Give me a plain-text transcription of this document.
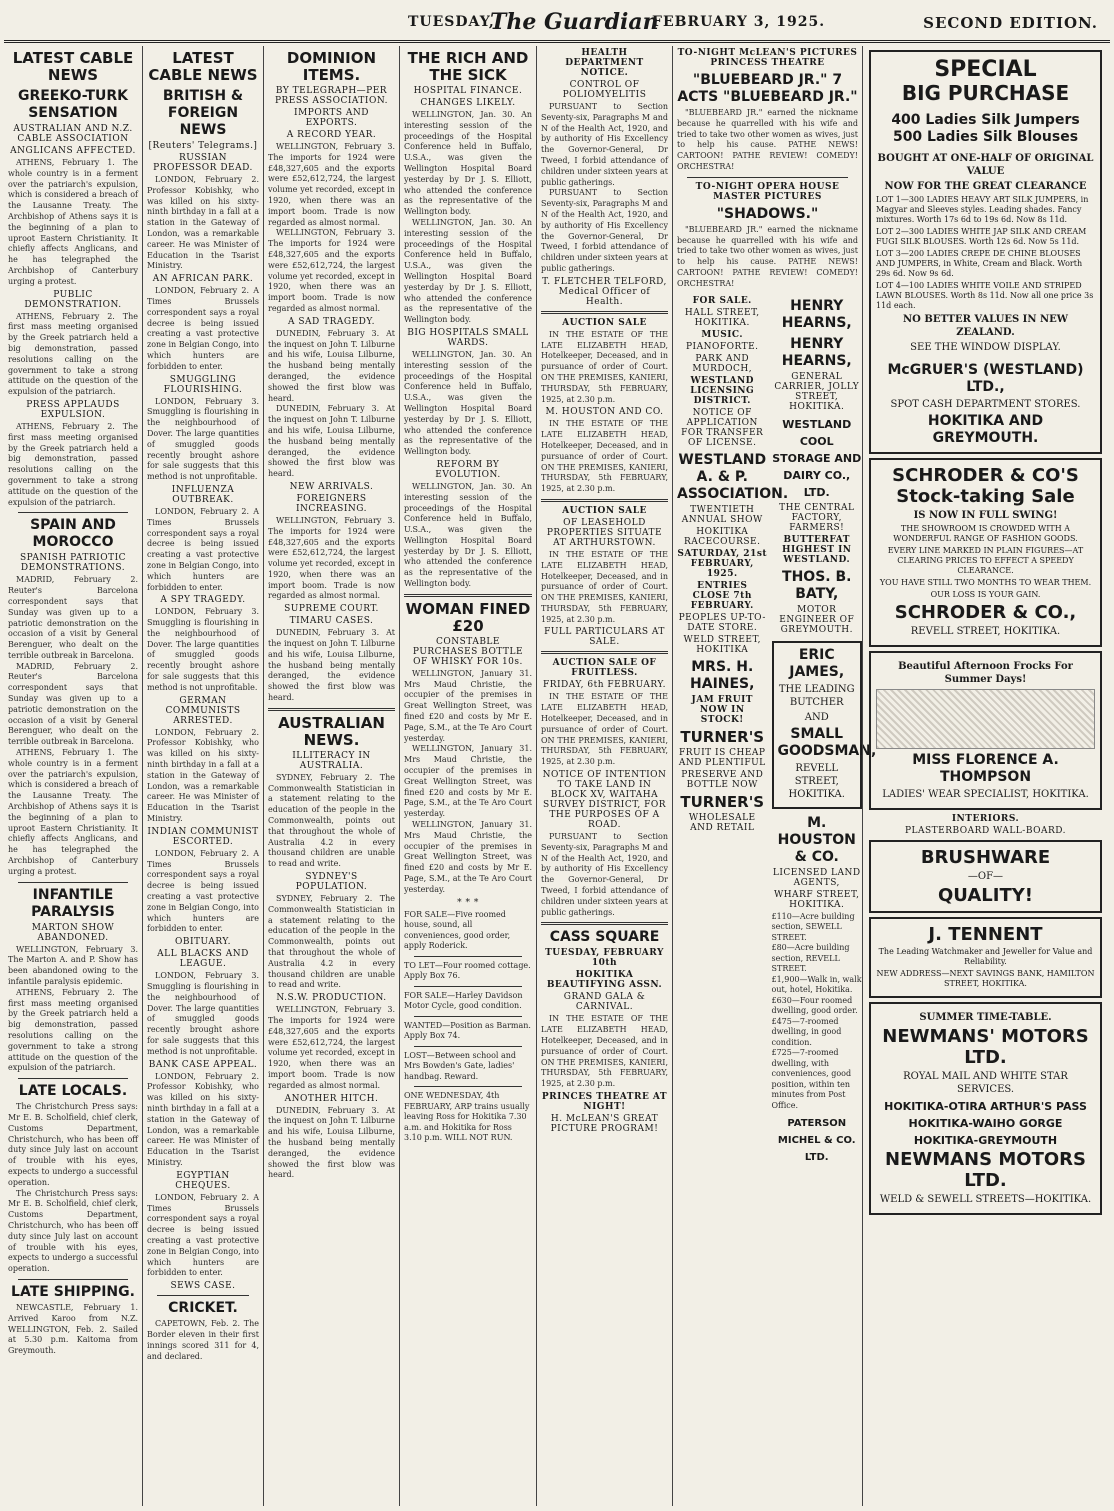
TUESDAY,
The Guardian
FEBRUARY 3, 1925.	SECOND EDITION.
LATEST CABLE NEWS
GREEKO-TURK SENSATION
AUSTRALIAN AND N.Z. CABLE ASSOCIATION
ANGLICANS AFFECTED.

ATHENS, February 1. The whole country is in a ferment over the patriarch's expulsion, which is considered a breach of the Lausanne Treaty. The Archbishop of Athens says it is the beginning of a plan to uproot Eastern Christianity. It chiefly affects Anglicans, and he has telegraphed the Archbishop of Canterbury urging a protest.

PUBLIC DEMONSTRATION.

ATHENS, February 2. The first mass meeting organised by the Greek patriarch held a big demonstration, passed resolutions calling on the government to take a strong attitude on the question of the expulsion of the patriarch.

PRESS APPLAUDS EXPULSION.

ATHENS, February 2. The first mass meeting organised by the Greek patriarch held a big demonstration, passed resolutions calling on the government to take a strong attitude on the question of the expulsion of the patriarch.

SPAIN AND MOROCCO
SPANISH PATRIOTIC DEMONSTRATIONS.

MADRID, February 2. Reuter's Barcelona correspondent says that Sunday was given up to a patriotic demonstration on the occasion of a visit by General Berenguer, who dealt on the terrible outbreak in Barcelona.

MADRID, February 2. Reuter's Barcelona correspondent says that Sunday was given up to a patriotic demonstration on the occasion of a visit by General Berenguer, who dealt on the terrible outbreak in Barcelona.

ATHENS, February 1. The whole country is in a ferment over the patriarch's expulsion, which is considered a breach of the Lausanne Treaty. The Archbishop of Athens says it is the beginning of a plan to uproot Eastern Christianity. It chiefly affects Anglicans, and he has telegraphed the Archbishop of Canterbury urging a protest.

INFANTILE PARALYSIS
MARTON SHOW ABANDONED.

WELLINGTON, February 3. The Marton A. and P. Show has been abandoned owing to the infantile paralysis epidemic.

ATHENS, February 2. The first mass meeting organised by the Greek patriarch held a big demonstration, passed resolutions calling on the government to take a strong attitude on the question of the expulsion of the patriarch.

LATE LOCALS.

The Christchurch Press says: Mr E. B. Scholfield, chief clerk, Customs Department, Christchurch, who has been off duty since July last on account of trouble with his eyes, expects to undergo a successful operation.

The Christchurch Press says: Mr E. B. Scholfield, chief clerk, Customs Department, Christchurch, who has been off duty since July last on account of trouble with his eyes, expects to undergo a successful operation.

LATE SHIPPING.

NEWCASTLE, February 1. Arrived Karoo from N.Z. WELLINGTON, Feb. 2. Sailed at 5.30 p.m. Kaitoma from Greymouth.

LATEST CABLE NEWS
BRITISH & FOREIGN NEWS
[Reuters' Telegrams.]
RUSSIAN PROFESSOR DEAD.

LONDON, February 2. Professor Kobishky, who was killed on his sixty-ninth birthday in a fall at a station in the Gateway of London, was a remarkable career. He was Minister of Education in the Tsarist Ministry.

AN AFRICAN PARK.

LONDON, February 2. A Times Brussels correspondent says a royal decree is being issued creating a vast protective zone in Belgian Congo, into which hunters are forbidden to enter.

SMUGGLING FLOURISHING.

LONDON, February 3. Smuggling is flourishing in the neighbourhood of Dover. The large quantities of smuggled goods recently brought ashore for sale suggests that this method is not unprofitable.

INFLUENZA OUTBREAK.

LONDON, February 2. A Times Brussels correspondent says a royal decree is being issued creating a vast protective zone in Belgian Congo, into which hunters are forbidden to enter.

A SPY TRAGEDY.

LONDON, February 3. Smuggling is flourishing in the neighbourhood of Dover. The large quantities of smuggled goods recently brought ashore for sale suggests that this method is not unprofitable.

GERMAN COMMUNISTS ARRESTED.

LONDON, February 2. Professor Kobishky, who was killed on his sixty-ninth birthday in a fall at a station in the Gateway of London, was a remarkable career. He was Minister of Education in the Tsarist Ministry.

INDIAN COMMUNIST ESCORTED.

LONDON, February 2. A Times Brussels correspondent says a royal decree is being issued creating a vast protective zone in Belgian Congo, into which hunters are forbidden to enter.

OBITUARY.
ALL BLACKS AND LEAGUE.

LONDON, February 3. Smuggling is flourishing in the neighbourhood of Dover. The large quantities of smuggled goods recently brought ashore for sale suggests that this method is not unprofitable.

BANK CASE APPEAL.

LONDON, February 2. Professor Kobishky, who was killed on his sixty-ninth birthday in a fall at a station in the Gateway of London, was a remarkable career. He was Minister of Education in the Tsarist Ministry.

EGYPTIAN CHEQUES.

LONDON, February 2. A Times Brussels correspondent says a royal decree is being issued creating a vast protective zone in Belgian Congo, into which hunters are forbidden to enter.

SEWS CASE.
CRICKET.

CAPETOWN, Feb. 2. The Border eleven in their first innings scored 311 for 4, and declared.

DOMINION ITEMS.
BY TELEGRAPH—PER PRESS ASSOCIATION.
IMPORTS AND EXPORTS.
A RECORD YEAR.

WELLINGTON, February 3. The imports for 1924 were £48,327,605 and the exports were £52,612,724, the largest volume yet recorded, except in 1920, when there was an import boom. Trade is now regarded as almost normal.

WELLINGTON, February 3. The imports for 1924 were £48,327,605 and the exports were £52,612,724, the largest volume yet recorded, except in 1920, when there was an import boom. Trade is now regarded as almost normal.

A SAD TRAGEDY.

DUNEDIN, February 3. At the inquest on John T. Lilburne and his wife, Louisa Lilburne, the husband being mentally deranged, the evidence showed the first blow was heard.

DUNEDIN, February 3. At the inquest on John T. Lilburne and his wife, Louisa Lilburne, the husband being mentally deranged, the evidence showed the first blow was heard.

NEW ARRIVALS.
FOREIGNERS INCREASING.

WELLINGTON, February 3. The imports for 1924 were £48,327,605 and the exports were £52,612,724, the largest volume yet recorded, except in 1920, when there was an import boom. Trade is now regarded as almost normal.

SUPREME COURT.
TIMARU CASES.

DUNEDIN, February 3. At the inquest on John T. Lilburne and his wife, Louisa Lilburne, the husband being mentally deranged, the evidence showed the first blow was heard.

AUSTRALIAN NEWS.
ILLITERACY IN AUSTRALIA.

SYDNEY, February 2. The Commonwealth Statistician in a statement relating to the education of the people in the Commonwealth, points out that throughout the whole of Australia 4.2 in every thousand children are unable to read and write.

SYDNEY'S POPULATION.

SYDNEY, February 2. The Commonwealth Statistician in a statement relating to the education of the people in the Commonwealth, points out that throughout the whole of Australia 4.2 in every thousand children are unable to read and write.

N.S.W. PRODUCTION.

WELLINGTON, February 3. The imports for 1924 were £48,327,605 and the exports were £52,612,724, the largest volume yet recorded, except in 1920, when there was an import boom. Trade is now regarded as almost normal.

ANOTHER HITCH.

DUNEDIN, February 3. At the inquest on John T. Lilburne and his wife, Louisa Lilburne, the husband being mentally deranged, the evidence showed the first blow was heard.

THE RICH AND THE SICK
HOSPITAL FINANCE.
CHANGES LIKELY.

WELLINGTON, Jan. 30. An interesting session of the proceedings of the Hospital Conference held in Buffalo, U.S.A., was given the Wellington Hospital Board yesterday by Dr J. S. Elliott, who attended the conference as the representative of the Wellington body.

WELLINGTON, Jan. 30. An interesting session of the proceedings of the Hospital Conference held in Buffalo, U.S.A., was given the Wellington Hospital Board yesterday by Dr J. S. Elliott, who attended the conference as the representative of the Wellington body.

BIG HOSPITALS SMALL WARDS.

WELLINGTON, Jan. 30. An interesting session of the proceedings of the Hospital Conference held in Buffalo, U.S.A., was given the Wellington Hospital Board yesterday by Dr J. S. Elliott, who attended the conference as the representative of the Wellington body.

REFORM BY EVOLUTION.

WELLINGTON, Jan. 30. An interesting session of the proceedings of the Hospital Conference held in Buffalo, U.S.A., was given the Wellington Hospital Board yesterday by Dr J. S. Elliott, who attended the conference as the representative of the Wellington body.

WOMAN FINED £20
CONSTABLE PURCHASES BOTTLE OF WHISKY FOR 10s.

WELLINGTON, January 31. Mrs Maud Christie, the occupier of the premises in Great Wellington Street, was fined £20 and costs by Mr E. Page, S.M., at the Te Aro Court yesterday.

WELLINGTON, January 31. Mrs Maud Christie, the occupier of the premises in Great Wellington Street, was fined £20 and costs by Mr E. Page, S.M., at the Te Aro Court yesterday.

WELLINGTON, January 31. Mrs Maud Christie, the occupier of the premises in Great Wellington Street, was fined £20 and costs by Mr E. Page, S.M., at the Te Aro Court yesterday.

* * *

FOR SALE—Five roomed house, sound, all conveniences, good order, apply Roderick.

TO LET—Four roomed cottage. Apply Box 76.

FOR SALE—Harley Davidson Motor Cycle, good condition.

WANTED—Position as Barman. Apply Box 74.

LOST—Between school and Mrs Bowden's Gate, ladies' handbag. Reward.

ONE WEDNESDAY, 4th FEBRUARY, ARP trains usually leaving Ross for Hokitika 7.30 a.m. and Hokitika for Ross 3.10 p.m. WILL NOT RUN.

HEALTH DEPARTMENT NOTICE.
CONTROL OF POLIOMYELITIS

PURSUANT to Section Seventy-six, Paragraphs M and N of the Health Act, 1920, and by authority of His Excellency the Governor-General, Dr Tweed, I forbid attendance of children under sixteen years at public gatherings.

PURSUANT to Section Seventy-six, Paragraphs M and N of the Health Act, 1920, and by authority of His Excellency the Governor-General, Dr Tweed, I forbid attendance of children under sixteen years at public gatherings.

T. FLETCHER TELFORD, Medical Officer of Health.
AUCTION SALE

IN THE ESTATE OF THE LATE ELIZABETH HEAD, Hotelkeeper, Deceased, and in pursuance of order of Court. ON THE PREMISES, KANIERI, THURSDAY, 5th FEBRUARY, 1925, at 2.30 p.m.

M. HOUSTON AND CO.

IN THE ESTATE OF THE LATE ELIZABETH HEAD, Hotelkeeper, Deceased, and in pursuance of order of Court. ON THE PREMISES, KANIERI, THURSDAY, 5th FEBRUARY, 1925, at 2.30 p.m.

AUCTION SALE
OF LEASEHOLD PROPERTIES SITUATE AT ARTHURSTOWN.

IN THE ESTATE OF THE LATE ELIZABETH HEAD, Hotelkeeper, Deceased, and in pursuance of order of Court. ON THE PREMISES, KANIERI, THURSDAY, 5th FEBRUARY, 1925, at 2.30 p.m.

FULL PARTICULARS AT SALE.
AUCTION SALE OF FRUITLESS.
FRIDAY, 6th FEBRUARY.

IN THE ESTATE OF THE LATE ELIZABETH HEAD, Hotelkeeper, Deceased, and in pursuance of order of Court. ON THE PREMISES, KANIERI, THURSDAY, 5th FEBRUARY, 1925, at 2.30 p.m.

NOTICE OF INTENTION TO TAKE LAND IN BLOCK XV, WAITAHA SURVEY DISTRICT, FOR THE PURPOSES OF A ROAD.

PURSUANT to Section Seventy-six, Paragraphs M and N of the Health Act, 1920, and by authority of His Excellency the Governor-General, Dr Tweed, I forbid attendance of children under sixteen years at public gatherings.

CASS SQUARE
TUESDAY, FEBRUARY 10th
HOKITIKA BEAUTIFYING ASSN.
GRAND GALA & CARNIVAL.

IN THE ESTATE OF THE LATE ELIZABETH HEAD, Hotelkeeper, Deceased, and in pursuance of order of Court. ON THE PREMISES, KANIERI, THURSDAY, 5th FEBRUARY, 1925, at 2.30 p.m.

PRINCES THEATRE AT NIGHT!
H. McLEAN'S GREAT PICTURE PROGRAM!
TO-NIGHT McLEAN'S PICTURES PRINCESS THEATRE
"BLUEBEARD JR." 7 ACTS "BLUEBEARD JR."

"BLUEBEARD JR." earned the nickname because he quarrelled with his wife and tried to take two other women as wives, just to help his cause. PATHE NEWS! CARTOON! PATHE REVIEW! COMEDY! ORCHESTRA!

TO-NIGHT OPERA HOUSE MASTER PICTURES
"SHADOWS."

"BLUEBEARD JR." earned the nickname because he quarrelled with his wife and tried to take two other women as wives, just to help his cause. PATHE NEWS! CARTOON! PATHE REVIEW! COMEDY! ORCHESTRA!

FOR SALE.
HALL STREET, HOKITIKA.
MUSIC.
PIANOFORTE.
PARK AND MURDOCH,
WESTLAND LICENSING DISTRICT.
NOTICE OF APPLICATION FOR TRANSFER OF LICENSE.
WESTLAND A. & P. ASSOCIATION.
TWENTIETH ANNUAL SHOW
HOKITIKA RACECOURSE.
SATURDAY, 21st FEBRUARY, 1925.
ENTRIES CLOSE 7th FEBRUARY.
PEOPLES UP-TO-DATE STORE.
WELD STREET, HOKITIKA
MRS. H. HAINES,
JAM FRUIT NOW IN STOCK!
TURNER'S
FRUIT IS CHEAP AND PLENTIFUL
PRESERVE AND BOTTLE NOW
TURNER'S
WHOLESALE AND RETAIL
HENRY HEARNS,
HENRY HEARNS,
GENERAL CARRIER, JOLLY STREET, HOKITIKA.
WESTLAND COOL STORAGE AND DAIRY CO., LTD.
THE CENTRAL FACTORY, FARMERS!
BUTTERFAT HIGHEST IN WESTLAND.
THOS. B. BATY,
MOTOR ENGINEER OF GREYMOUTH.
ERIC JAMES,
THE LEADING BUTCHER
AND
SMALL GOODSMAN,
REVELL STREET, HOKITIKA.
M. HOUSTON & CO.
LICENSED LAND AGENTS,
WHARF STREET, HOKITIKA.

£110—Acre building section, SEWELL STREET.

£80—Acre building section, REVELL STREET.

£1,900—Walk in, walk out, hotel, Hokitika.

£630—Four roomed dwelling, good order.

£475—7-roomed dwelling, in good condition.

£725—7-roomed dwelling, with conveniences, good position, within ten minutes from Post Office.

PATERSON MICHEL & CO. LTD.
SPECIAL
BIG PURCHASE
400 Ladies Silk Jumpers
500 Ladies Silk Blouses
BOUGHT AT ONE-HALF OF ORIGINAL VALUE
NOW FOR THE GREAT CLEARANCE

LOT 1—300 LADIES HEAVY ART SILK JUMPERS, in Magyar and Sleeves styles. Leading shades. Fancy mixtures. Worth 17s 6d to 19s 6d. Now 8s 11d.

LOT 2—300 LADIES WHITE JAP SILK AND CREAM FUGI SILK BLOUSES. Worth 12s 6d. Now 5s 11d.

LOT 3—200 LADIES CREPE DE CHINE BLOUSES AND JUMPERS, in White, Cream and Black. Worth 29s 6d. Now 9s 6d.

LOT 4—100 LADIES WHITE VOILE AND STRIPED LAWN BLOUSES. Worth 8s 11d. Now all one price 3s 11d each.

NO BETTER VALUES IN NEW ZEALAND.
SEE THE WINDOW DISPLAY.
McGRUER'S (WESTLAND) LTD.,
SPOT CASH DEPARTMENT STORES.
HOKITIKA AND GREYMOUTH.
SCHRODER & CO'S
Stock-taking Sale
IS NOW IN FULL SWING!

THE SHOWROOM IS CROWDED WITH A WONDERFUL RANGE OF FASHION GOODS.

EVERY LINE MARKED IN PLAIN FIGURES—AT CLEARING PRICES TO EFFECT A SPEEDY CLEARANCE.

YOU HAVE STILL TWO MONTHS TO WEAR THEM.

OUR LOSS IS YOUR GAIN.

SCHRODER & CO.,
REVELL STREET, HOKITIKA.
Beautiful Afternoon Frocks For Summer Days!
MISS FLORENCE A. THOMPSON
LADIES' WEAR SPECIALIST, HOKITIKA.
INTERIORS.
PLASTERBOARD WALL-BOARD.
BRUSHWARE
—OF—
QUALITY!
J. TENNENT

The Leading Watchmaker and Jeweller for Value and Reliability.

NEW ADDRESS—NEXT SAVINGS BANK, HAMILTON STREET, HOKITIKA.

SUMMER TIME-TABLE.
NEWMANS' MOTORS LTD.
ROYAL MAIL AND WHITE STAR SERVICES.
HOKITIKA-OTIRA ARTHUR'S PASS
HOKITIKA-WAIHO GORGE
HOKITIKA-GREYMOUTH
NEWMANS MOTORS LTD.
WELD & SEWELL STREETS—HOKITIKA.
